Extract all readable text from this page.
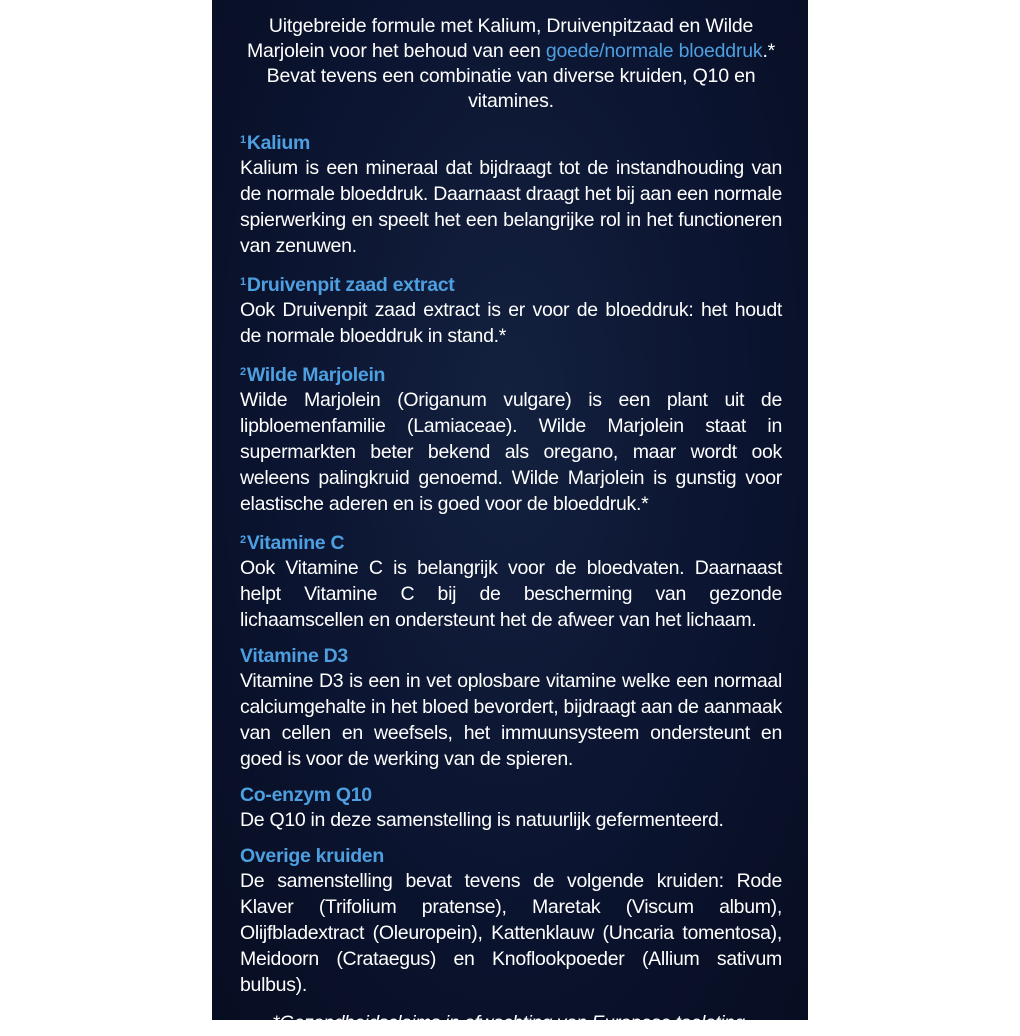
Uitgebreide formule met Kalium, Druivenpitzaad en Wilde Marjolein voor het behoud van een goede/normale bloeddruk.* Bevat tevens een combinatie van diverse kruiden, Q10 en vitamines.

$^1$Kalium

Kalium is een mineraal dat bijdraagt tot de instandhouding van de normale bloeddruk. Daarnaast draagt het bij aan een normale spierwerking en speelt het een belangrijke rol in het functioneren van zenuwen.

$^1$Druivenpit zaad extract

Ook Druivenpit zaad extract is er voor de bloeddruk: het houdt de normale bloeddruk in stand.*

$^2$Wilde Marjolein

Wilde Marjolein (Origanum vulgare) is een plant uit de lipbloemenfamilie (Lamiaceae). Wilde Marjolein staat in supermarkten beter bekend als oregano, maar wordt ook weleens palingkruid genoemd. Wilde Marjolein is gunstig voor elastische aderen en is goed voor de bloeddruk.*

$^2$Vitamine C

Ook Vitamine C is belangrijk voor de bloedvaten. Daarnaast helpt Vitamine C bij de bescherming van gezonde lichaamscellen en ondersteunt het de afweer van het lichaam.

Vitamine D3

Vitamine D3 is een in vet oplosbare vitamine welke een normaal calciumgehalte in het bloed bevordert, bijdraagt aan de aanmaak van cellen en weefsels, het immuunsysteem ondersteunt en goed is voor de werking van de spieren.

Co-enzym Q10

De Q10 in deze samenstelling is natuurlijk gefermenteerd.

Overige kruiden

De samenstelling bevat tevens de volgende kruiden: Rode Klaver (Trifolium pratense), Maretak (Viscum album), Olijfbladextract (Oleuropein), Kattenklauw (Uncaria tomentosa), Meidoorn (Crataegus) en Knoflookpoeder (Allium sativum bulbus).

*Gezondheidsclaims in afwachting van Europese toelating.
